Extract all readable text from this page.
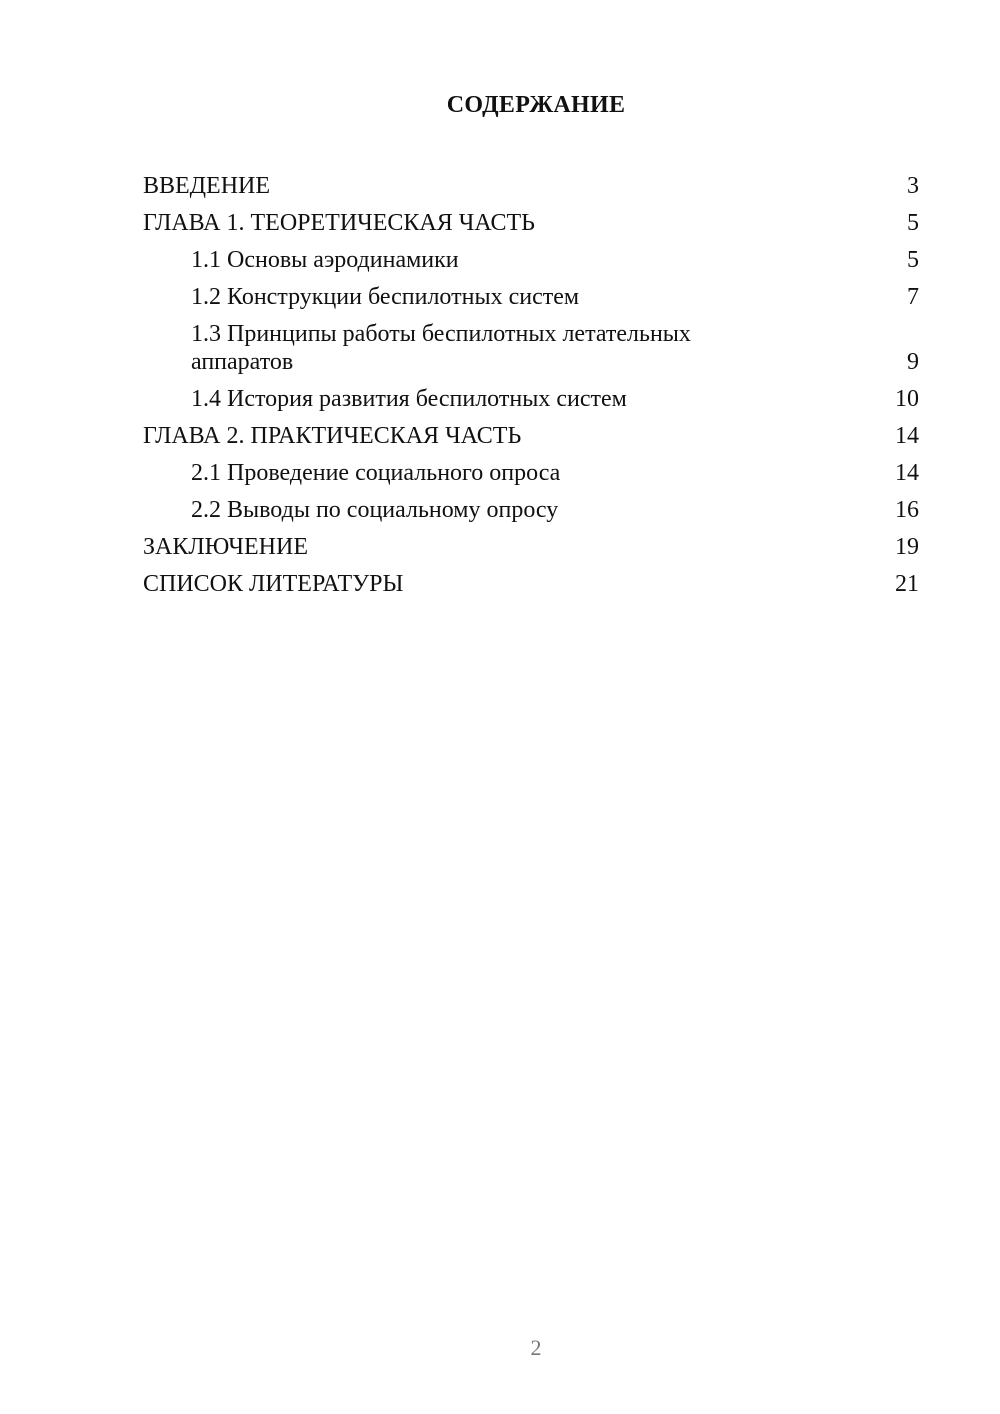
СОДЕРЖАНИЕ
ВВЕДЕНИЕ	3
ГЛАВА 1. ТЕОРЕТИЧЕСКАЯ ЧАСТЬ	5
1.1 Основы аэродинамики	5
1.2 Конструкции беспилотных систем	7
1.3 Принципы работы беспилотных летательных аппаратов	9
1.4 История развития беспилотных систем	10
ГЛАВА 2. ПРАКТИЧЕСКАЯ ЧАСТЬ	14
2.1 Проведение социального опроса	14
2.2 Выводы по социальному опросу	16
ЗАКЛЮЧЕНИЕ	19
СПИСОК ЛИТЕРАТУРЫ	21
2
